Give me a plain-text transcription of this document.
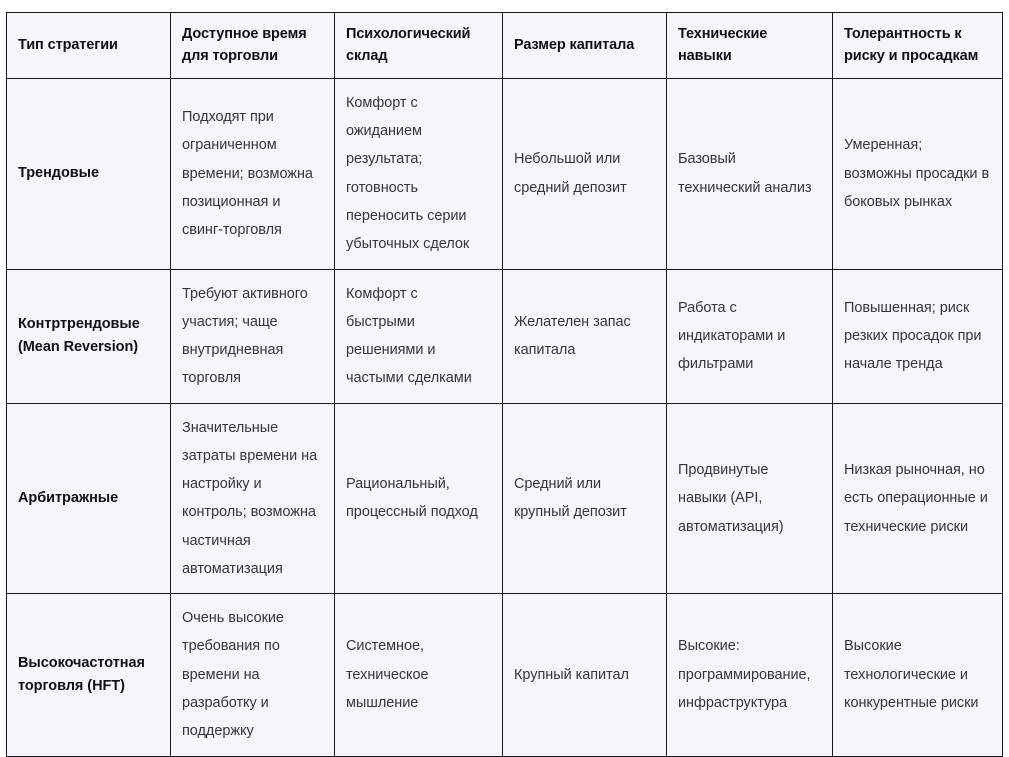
Тип стратегии	Доступное время для торговли	Психологический склад	Размер капитала	Технические навыки	Толерантность к риску и просадкам
Трендовые	Подходят при ограниченном времени; возможна позиционная и свинг-торговля	Комфорт с ожиданием результата; готовность переносить серии убыточных сделок	Небольшой или средний депозит	Базовый технический анализ	Умеренная; возможны просадки в боковых рынках
Контртрендовые (Mean Reversion)	Требуют активного участия; чаще внутридневная торговля	Комфорт с быстрыми решениями и частыми сделками	Желателен запас капитала	Работа с индикаторами и фильтрами	Повышенная; риск резких просадок при начале тренда
Арбитражные	Значительные затраты времени на настройку и контроль; возможна частичная автоматизация	Рациональный, процессный подход	Средний или крупный депозит	Продвинутые навыки (API, автоматизация)	Низкая рыночная, но есть операционные и технические риски
Высокочастотная торговля (HFT)	Очень высокие требования по времени на разработку и поддержку	Системное, техническое мышление	Крупный капитал	Высокие: программирование, инфраструктура	Высокие технологические и конкурентные риски
